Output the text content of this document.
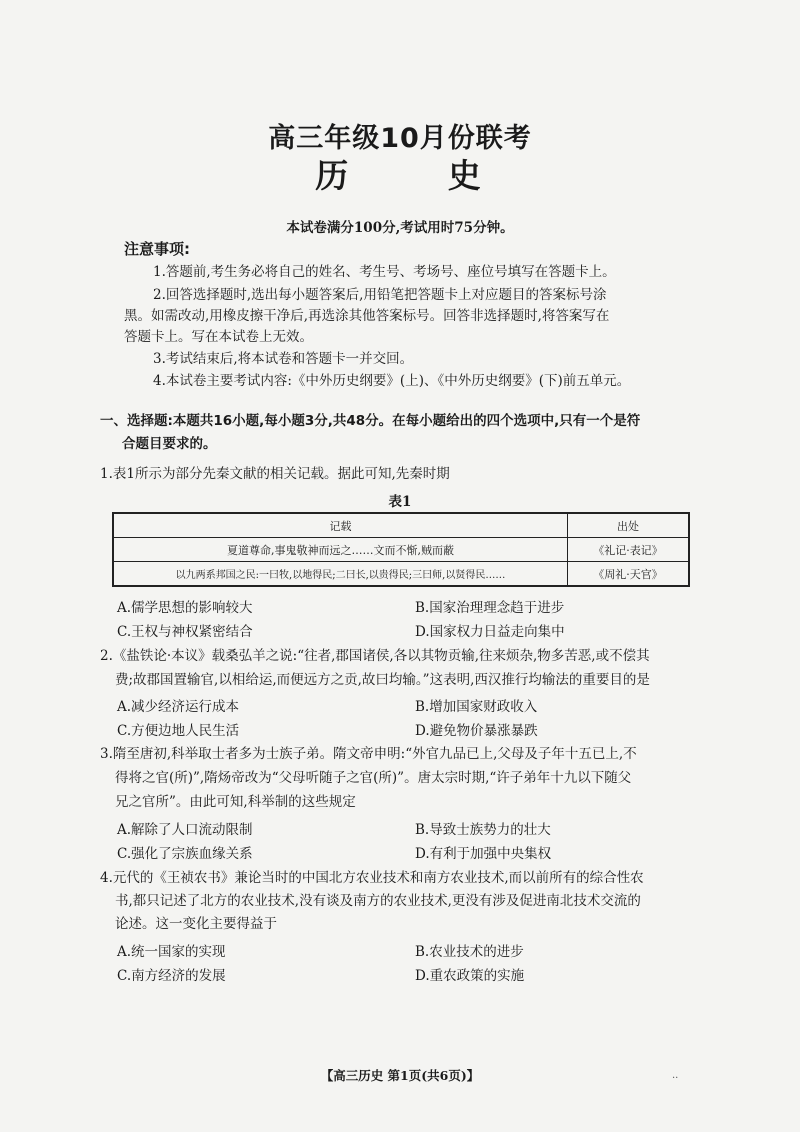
高三年级10月份联考
历 史
本试卷满分100分,考试用时75分钟。
注意事项:
1.答题前,考生务必将自己的姓名、考生号、考场号、座位号填写在答题卡上。
2.回答选择题时,选出每小题答案后,用铅笔把答题卡上对应题目的答案标号涂
黑。如需改动,用橡皮擦干净后,再选涂其他答案标号。回答非选择题时,将答案写在
答题卡上。写在本试卷上无效。
3.考试结束后,将本试卷和答题卡一并交回。
4.本试卷主要考试内容:《中外历史纲要》(上)、《中外历史纲要》(下)前五单元。
一、选择题:本题共16小题,每小题3分,共48分。在每小题给出的四个选项中,只有一个是符
合题目要求的。
1.表1所示为部分先秦文献的相关记载。据此可知,先秦时期
表1
记载	出处
夏道尊命,事鬼敬神而远之……文而不惭,贼而蔽	《礼记·表记》
以九两系邦国之民:一曰牧,以地得民;二曰长,以贵得民;三曰师,以贤得民……	《周礼·天官》
A.儒学思想的影响较大	B.国家治理理念趋于进步
C.王权与神权紧密结合	D.国家权力日益走向集中
2.《盐铁论·本议》载桑弘羊之说:“往者,郡国诸侯,各以其物贡输,往来烦杂,物多苦恶,或不偿其
费;故郡国置输官,以相给运,而便远方之贡,故曰均输。”这表明,西汉推行均输法的重要目的是
A.减少经济运行成本	B.增加国家财政收入
C.方便边地人民生活	D.避免物价暴涨暴跌
3.隋至唐初,科举取士者多为士族子弟。隋文帝申明:“外官九品已上,父母及子年十五已上,不
得将之官(所)”,隋炀帝改为“父母听随子之官(所)”。唐太宗时期,“许子弟年十九以下随父
兄之官所”。由此可知,科举制的这些规定
A.解除了人口流动限制	B.导致士族势力的壮大
C.强化了宗族血缘关系	D.有利于加强中央集权
4.元代的《王祯农书》兼论当时的中国北方农业技术和南方农业技术,而以前所有的综合性农
书,都只记述了北方的农业技术,没有谈及南方的农业技术,更没有涉及促进南北技术交流的
论述。这一变化主要得益于
A.统一国家的实现	B.农业技术的进步
C.南方经济的发展	D.重农政策的实施
【高三历史 第1页(共6页)】	..
